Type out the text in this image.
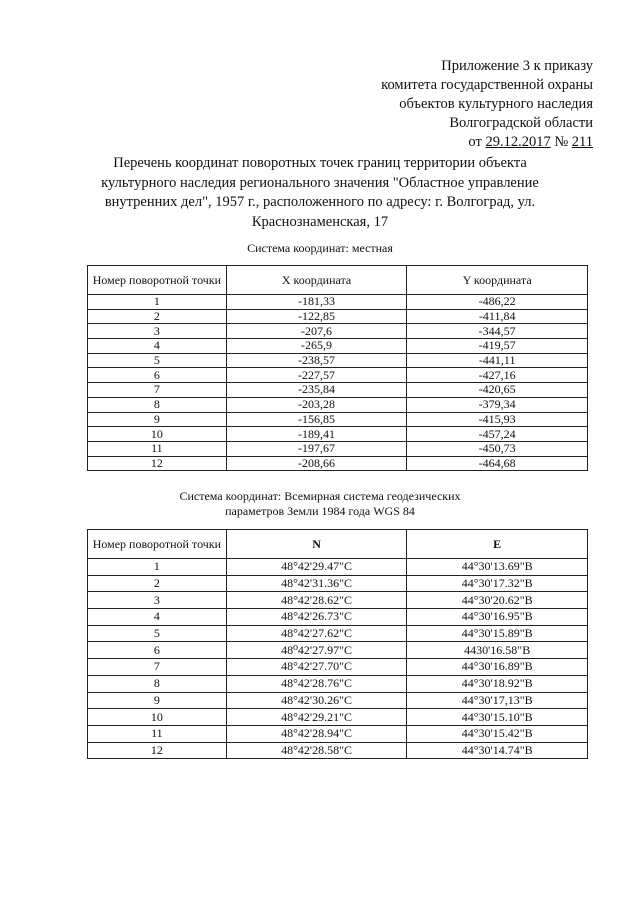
Приложение 3 к приказу
комитета государственной охраны
объектов культурного наследия
Волгоградской области
от 29.12.2017 № 211
Перечень координат поворотных точек границ территории объекта
культурного наследия регионального значения "Областное управление
внутренних дел", 1957 г., расположенного по адресу: г. Волгоград, ул.
Краснознаменская, 17
Система координат: местная
Номер поворотной точки	X координата	Y координата
1	-181,33	-486,22
2	-122,85	-411,84
3	-207,6	-344,57
4	-265,9	-419,57
5	-238,57	-441,11
6	-227,57	-427,16
7	-235,84	-420,65
8	-203,28	-379,34
9	-156,85	-415,93
10	-189,41	-457,24
11	-197,67	-450,73
12	-208,66	-464,68
Система координат: Всемирная система геодезических
параметров Земли 1984 года WGS 84
Номер поворотной точки	N	E
1	48°42'29.47"С	44°30'13.69"В
2	48°42'31.36"С	44°30'17.32"В
3	48°42'28.62"С	44°30'20.62"В
4	48°42'26.73"С	44°30'16.95"В
5	48°42'27.62"С	44°30'15.89"В
6	48⁰42'27.97"С	4430'16.58"В
7	48°42'27.70"С	44°30'16.89"В
8	48°42'28.76"С	44°30'18.92"В
9	48°42'30.26"С	44°30'17,13"В
10	48°42'29.21"С	44°30'15.10"В
11	48°42'28.94"С	44°30'15.42"В
12	48°42'28.58"С	44°30'14.74"В
